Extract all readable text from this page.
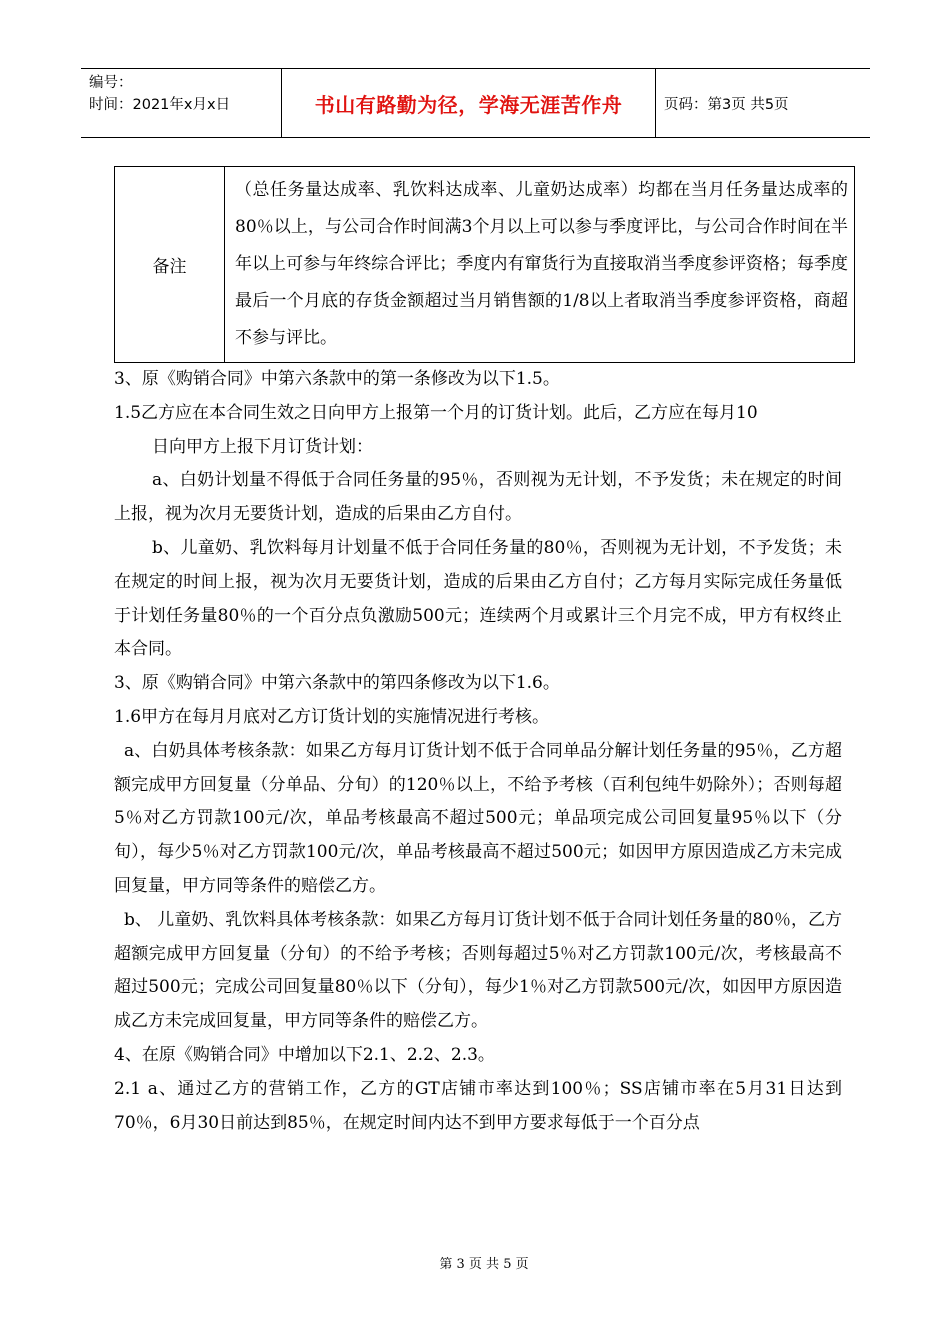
编号：
时间：2021年x月x日	书山有路勤为径，学海无涯苦作舟	页码：第3页 共5页
备注
（总任务量达成率、乳饮料达成率、儿童奶达成率）均都在当月任务量达成率的80％以上，与公司合作时间满3个月以上可以参与季度评比，与公司合作时间在半年以上可参与年终综合评比；季度内有窜货行为直接取消当季度参评资格；每季度最后一个月底的存货金额超过当月销售额的1/8以上者取消当季度参评资格，商超不参与评比。

3、原《购销合同》中第六条款中的第一条修改为以下1.5。

1.5乙方应在本合同生效之日向甲方上报第一个月的订货计划。此后，乙方应在每月10

日向甲方上报下月订货计划：

a、白奶计划量不得低于合同任务量的95％，否则视为无计划，不予发货；未在规定的时间上报，视为次月无要货计划，造成的后果由乙方自付。

b、儿童奶、乳饮料每月计划量不低于合同任务量的80％，否则视为无计划，不予发货；未在规定的时间上报，视为次月无要货计划，造成的后果由乙方自付；乙方每月实际完成任务量低于计划任务量80％的一个百分点负激励500元；连续两个月或累计三个月完不成，甲方有权终止本合同。

3、原《购销合同》中第六条款中的第四条修改为以下1.6。

1.6甲方在每月月底对乙方订货计划的实施情况进行考核。

a、白奶具体考核条款：如果乙方每月订货计划不低于合同单品分解计划任务量的95％，乙方超额完成甲方回复量（分单品、分旬）的120％以上，不给予考核（百利包纯牛奶除外）；否则每超5％对乙方罚款100元/次，单品考核最高不超过500元；单品项完成公司回复量95％以下（分旬），每少5％对乙方罚款100元/次，单品考核最高不超过500元；如因甲方原因造成乙方未完成回复量，甲方同等条件的赔偿乙方。

b、 儿童奶、乳饮料具体考核条款：如果乙方每月订货计划不低于合同计划任务量的80％，乙方超额完成甲方回复量（分旬）的不给予考核；否则每超过5％对乙方罚款100元/次，考核最高不超过500元；完成公司回复量80％以下（分旬），每少1％对乙方罚款500元/次，如因甲方原因造成乙方未完成回复量，甲方同等条件的赔偿乙方。

4、在原《购销合同》中增加以下2.1、2.2、2.3。

2.1 a、通过乙方的营销工作，乙方的GT店铺市率达到100％；SS店铺市率在5月31日达到70％，6月30日前达到85％，在规定时间内达不到甲方要求每低于一个百分点

第 3 页 共 5 页
